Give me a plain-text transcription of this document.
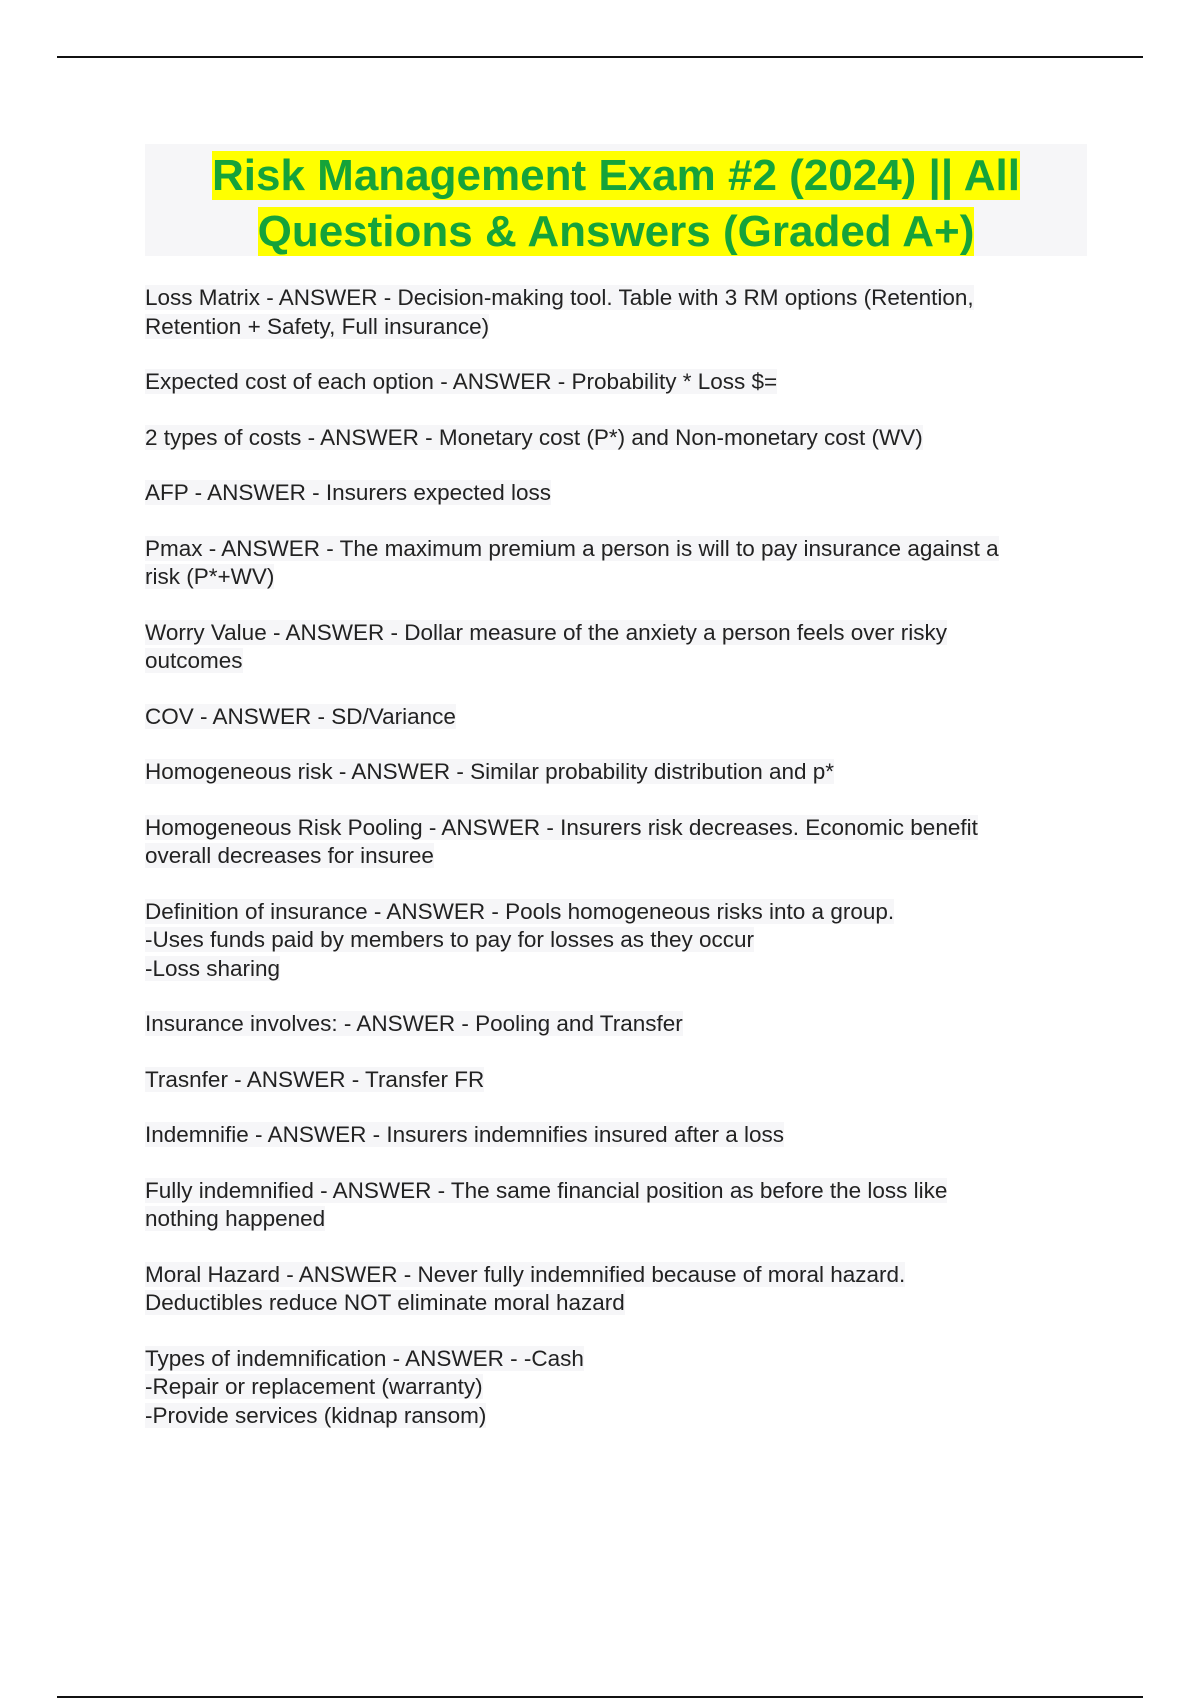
Risk Management Exam #2 (2024) || All Questions & Answers (Graded A+)

Loss Matrix - ANSWER - Decision-making tool. Table with 3 RM options (Retention,
Retention + Safety, Full insurance)

Expected cost of each option - ANSWER - Probability * Loss $=

2 types of costs - ANSWER - Monetary cost (P*) and Non-monetary cost (WV)

AFP - ANSWER - Insurers expected loss

Pmax - ANSWER - The maximum premium a person is will to pay insurance against a
risk (P*+WV)

Worry Value - ANSWER - Dollar measure of the anxiety a person feels over risky
outcomes

COV - ANSWER - SD/Variance

Homogeneous risk - ANSWER - Similar probability distribution and p*

Homogeneous Risk Pooling - ANSWER - Insurers risk decreases. Economic benefit
overall decreases for insuree

Definition of insurance - ANSWER - Pools homogeneous risks into a group.
-Uses funds paid by members to pay for losses as they occur
-Loss sharing

Insurance involves: - ANSWER - Pooling and Transfer

Trasnfer - ANSWER - Transfer FR

Indemnifie - ANSWER - Insurers indemnifies insured after a loss

Fully indemnified - ANSWER - The same financial position as before the loss like
nothing happened

Moral Hazard - ANSWER - Never fully indemnified because of moral hazard.
Deductibles reduce NOT eliminate moral hazard

Types of indemnification - ANSWER - -Cash
-Repair or replacement (warranty)
-Provide services (kidnap ransom)
